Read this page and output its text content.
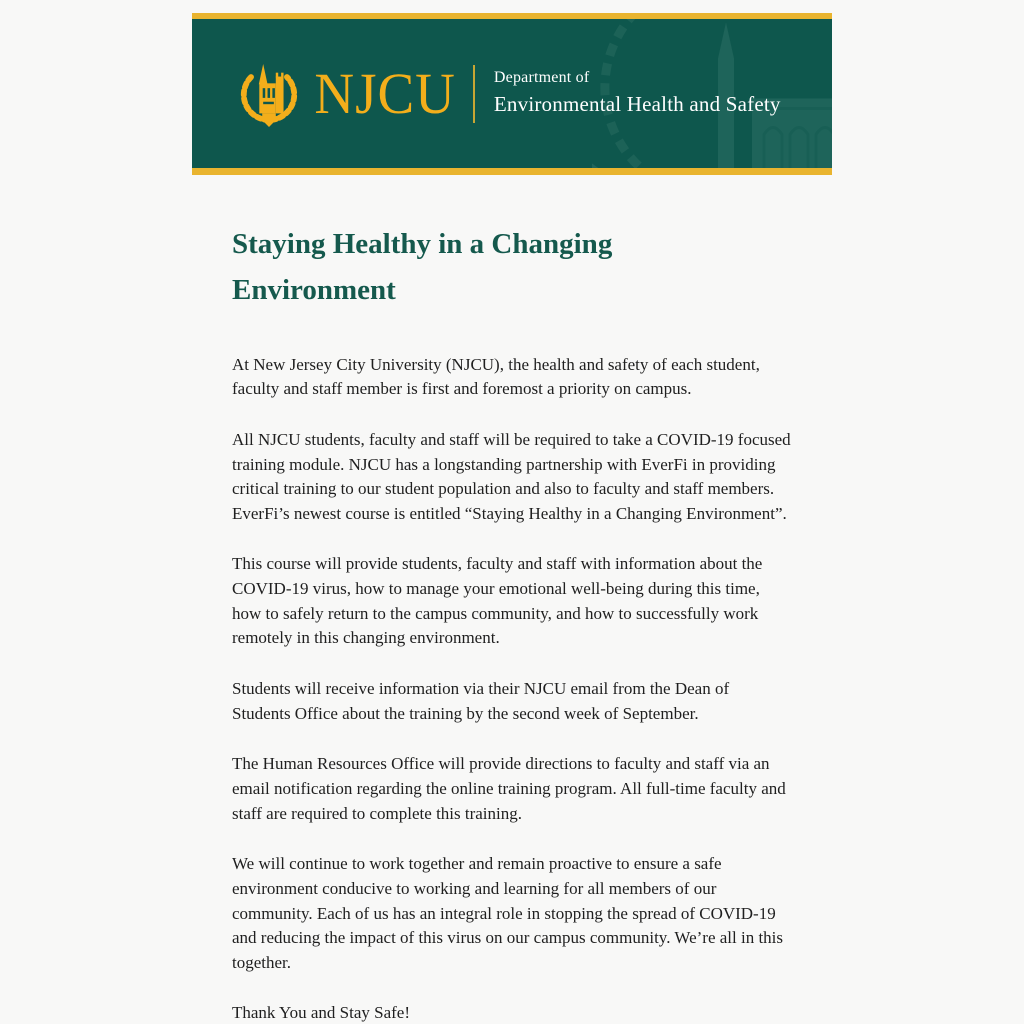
NJCU Department of
Environmental Health and Safety
Staying Healthy in a Changing Environment

At New Jersey City University (NJCU), the health and safety of each student, faculty and staff member is first and foremost a priority on campus.

All NJCU students, faculty and staff will be required to take a COVID-19 focused training module. NJCU has a longstanding partnership with EverFi in providing critical training to our student population and also to faculty and staff members. EverFi’s newest course is entitled “Staying Healthy in a Changing Environment”.

This course will provide students, faculty and staff with information about the COVID-19 virus, how to manage your emotional well-being during this time, how to safely return to the campus community, and how to successfully work remotely in this changing environment.

Students will receive information via their NJCU email from the Dean of Students Office about the training by the second week of September.

The Human Resources Office will provide directions to faculty and staff via an email notification regarding the online training program. All full-time faculty and staff are required to complete this training.

We will continue to work together and remain proactive to ensure a safe environment conducive to working and learning for all members of our community. Each of us has an integral role in stopping the spread of COVID-19 and reducing the impact of this virus on our campus community. We’re all in this together.

Thank You and Stay Safe!
